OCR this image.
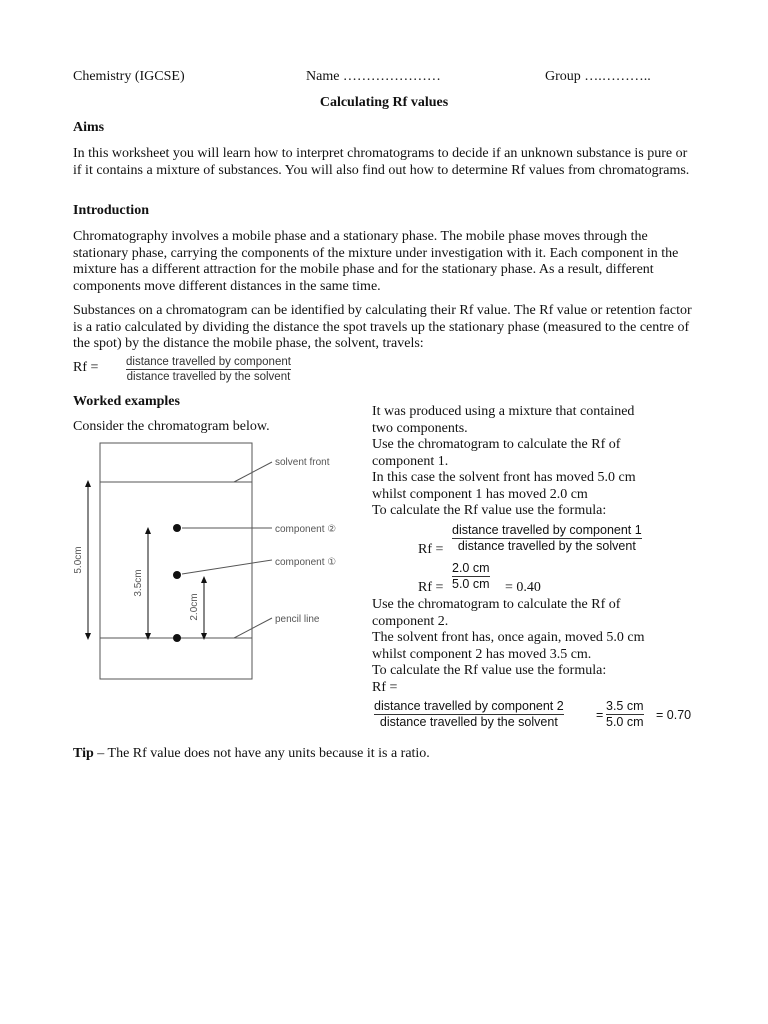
Chemistry (IGCSE)	Name …………………	Group ….………..
Calculating Rf values
Aims

In this worksheet you will learn how to interpret chromatograms to decide if an unknown substance is pure or if it contains a mixture of substances. You will also find out how to determine Rf values from chromatograms.

Introduction

Chromatography involves a mobile phase and a stationary phase. The mobile phase moves through the stationary phase, carrying the components of the mixture under investigation with it. Each component in the mixture has a different attraction for the mobile phase and for the stationary phase. As a result, different components move different distances in the same time.

Substances on a chromatogram can be identified by calculating their Rf value. The Rf value or retention factor is a ratio calculated by dividing the distance the spot travels up the stationary phase (measured to the centre of the spot) by the distance the mobile phase, the solvent, travels:

Rf = distance travelled by component
distance travelled by the solvent
Worked examples
Consider the chromatogram below.
5.0cm
3.5cm
2.0cm
solvent front
component ②
component ①
pencil line

It was produced using a mixture that contained

two components.

Use the chromatogram to calculate the Rf of

component 1.

In this case the solvent front has moved 5.0 cm

whilst component 1 has moved 2.0 cm

To calculate the Rf value use the formula:

Rf =
distance travelled by component 1
distance travelled by the solvent
Rf =
2.0 cm
5.0 cm = 0.40

Use the chromatogram to calculate the Rf of

component 2.

The solvent front has, once again, moved 5.0 cm

whilst component 2 has moved 3.5 cm.

To calculate the Rf value use the formula:

Rf =

distance travelled by component 2
distance travelled by the solvent	=
3.5 cm
5.0 cm = 0.70
Tip – The Rf value does not have any units because it is a ratio.
